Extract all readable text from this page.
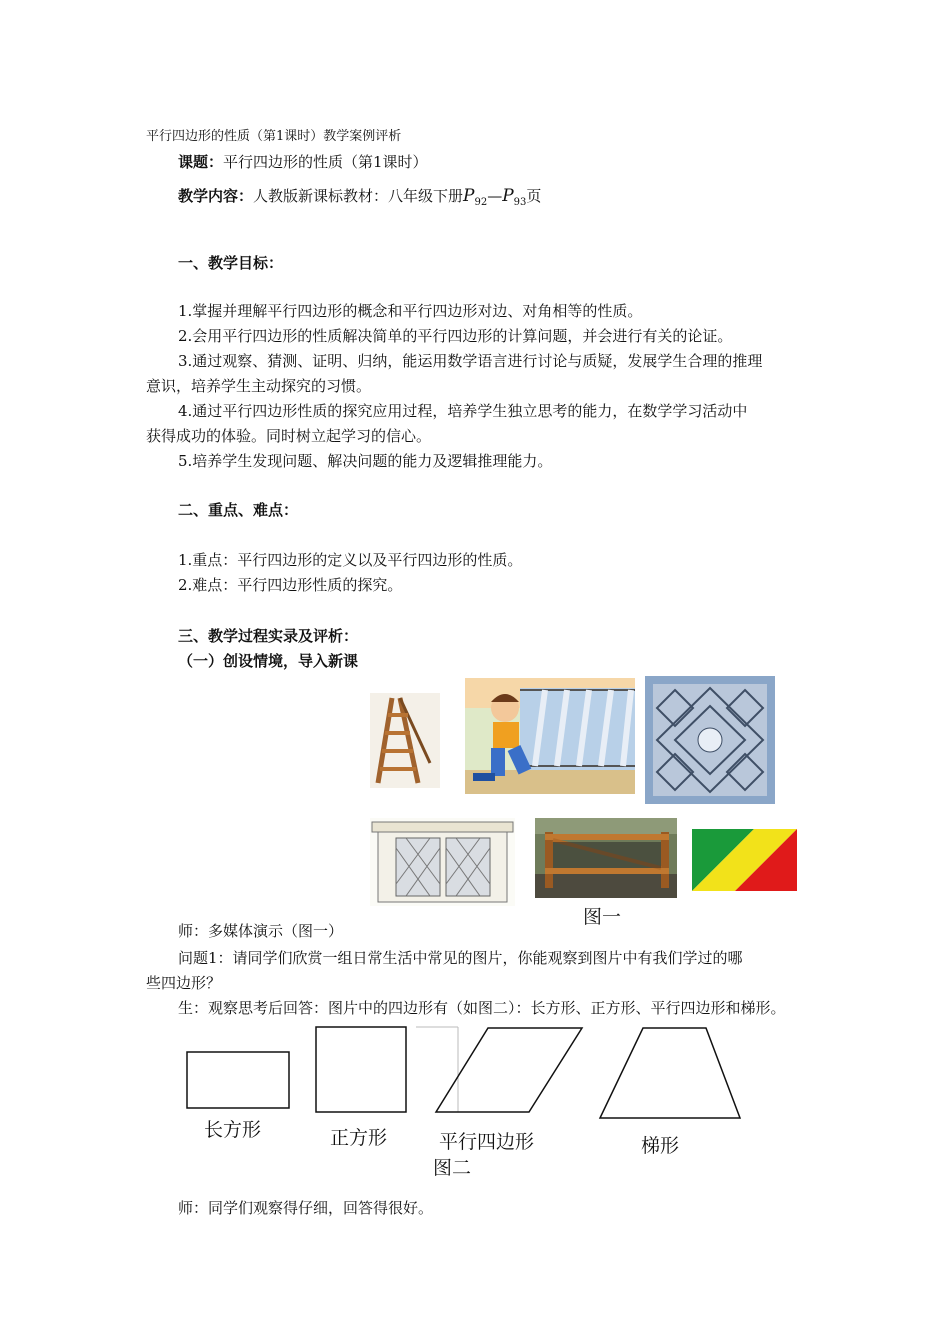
平行四边形的性质（第1课时）教学案例评析
课题：平行四边形的性质（第1课时）
教学内容：人教版新课标教材：八年级下册$P_{92}—P_{93}$页
一、教学目标：
1.掌握并理解平行四边形的概念和平行四边形对边、对角相等的性质。
2.会用平行四边形的性质解决简单的平行四边形的计算问题，并会进行有关的论证。
3.通过观察、猜测、证明、归纳，能运用数学语言进行讨论与质疑，发展学生合理的推理
意识，培养学生主动探究的习惯。
4.通过平行四边形性质的探究应用过程，培养学生独立思考的能力，在数学学习活动中
获得成功的体验。同时树立起学习的信心。
5.培养学生发现问题、解决问题的能力及逻辑推理能力。
二、重点、难点：
1.重点：平行四边形的定义以及平行四边形的性质。
2.难点：平行四边形性质的探究。
三、教学过程实录及评析：
（一）创设情境，导入新课
图一
师：多媒体演示（图一）
问题1：请同学们欣赏一组日常生活中常见的图片，你能观察到图片中有我们学过的哪
些四边形？
生：观察思考后回答：图片中的四边形有（如图二）：长方形、正方形、平行四边形和梯形。
长方形	正方形	平行四边形	梯形
图二
师：同学们观察得仔细，回答得很好。
